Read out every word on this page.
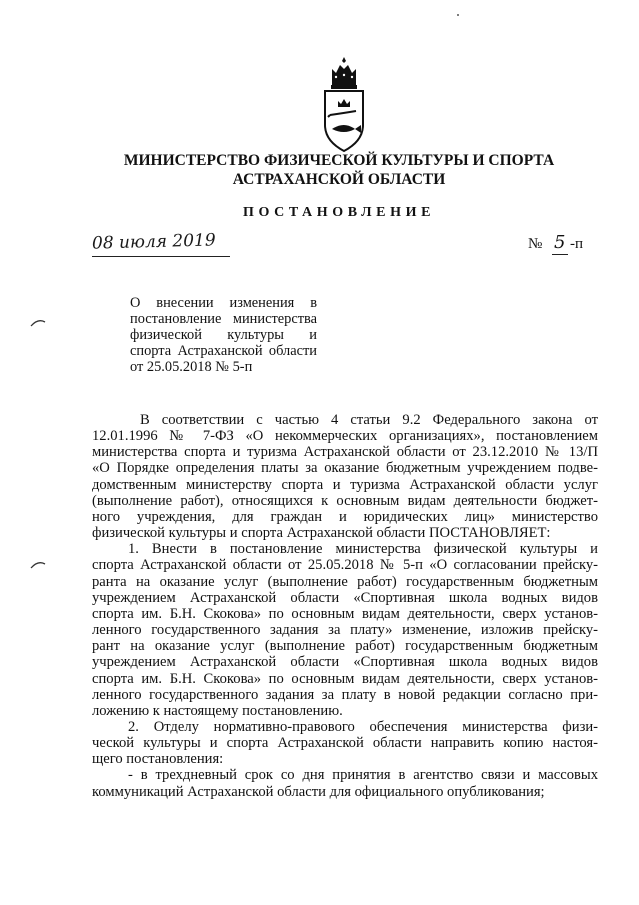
МИНИСТЕРСТВО ФИЗИЧЕСКОЙ КУЛЬТУРЫ И СПОРТА
АСТРАХАНСКОЙ ОБЛАСТИ
ПОСТАНОВЛЕНИЕ
08 июля 2019	№ 5 -п
О внесении изменения в
постановление министерства
физической культуры и
спорта Астраханской области
от 25.05.2018 № 5-п
В соответствии с частью 4 статьи 9.2 Федерального закона от
12.01.1996 № 7-ФЗ «О некоммерческих организациях», постановлением
министерства спорта и туризма Астраханской области от 23.12.2010 № 13/П
«О Порядке определения платы за оказание бюджетным учреждением подве-
домственным министерству спорта и туризма Астраханской области услуг
(выполнение работ), относящихся к основным видам деятельности бюджет-
ного учреждения, для граждан и юридических лиц» министерство
физической культуры и спорта Астраханской области ПОСТАНОВЛЯЕТ:
1. Внести в постановление министерства физической культуры и
спорта Астраханской области от 25.05.2018 № 5-п «О согласовании прейску-
ранта на оказание услуг (выполнение работ) государственным бюджетным
учреждением Астраханской области «Спортивная школа водных видов
спорта им. Б.Н. Скокова» по основным видам деятельности, сверх установ-
ленного государственного задания за плату» изменение, изложив прейску-
рант на оказание услуг (выполнение работ) государственным бюджетным
учреждением Астраханской области «Спортивная школа водных видов
спорта им. Б.Н. Скокова» по основным видам деятельности, сверх установ-
ленного государственного задания за плату в новой редакции согласно при-
ложению к настоящему постановлению.
2. Отделу нормативно-правового обеспечения министерства физи-
ческой культуры и спорта Астраханской области направить копию настоя-
щего постановления:
- в трехдневный срок со дня принятия в агентство связи и массовых
коммуникаций Астраханской области для официального опубликования;
